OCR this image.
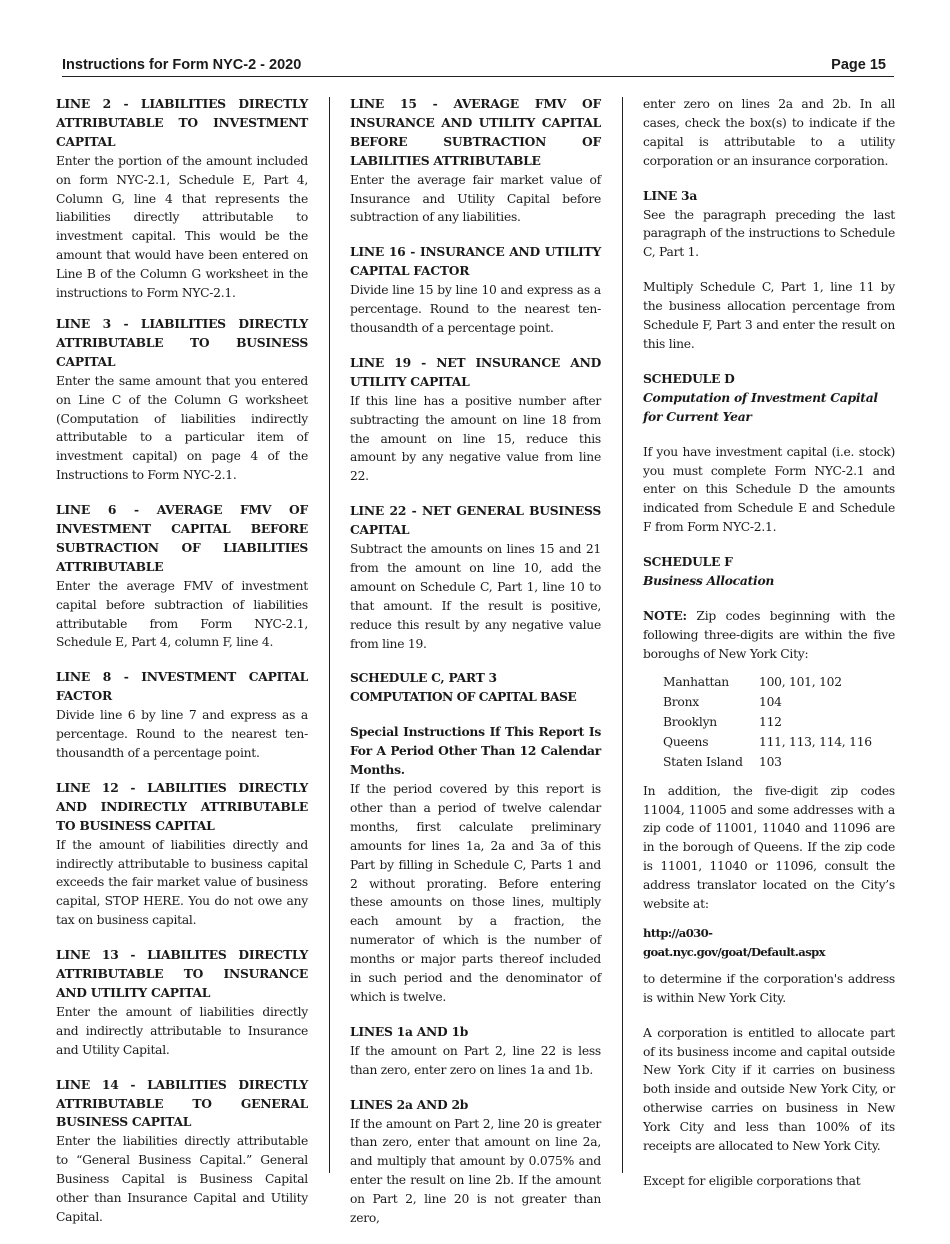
Instructions for Form NYC-2 - 2020	Page 15
LINE 2 - LIABILITIES DIRECTLY ATTRIBUTABLE TO INVESTMENT CAPITAL
Enter the portion of the amount included on form NYC-2.1, Schedule E, Part 4, Column G, line 4 that represents the liabilities directly attributable to investment capital. This would be the amount that would have been entered on Line B of the Column G worksheet in the instructions to Form NYC-2.1.
LINE 3 - LIABILITIES DIRECTLY ATTRIBUTABLE TO BUSINESS CAPITAL
Enter the same amount that you entered on Line C of the Column G worksheet (Computation of liabilities indirectly attributable to a particular item of investment capital) on page 4 of the Instructions to Form NYC-2.1.
LINE 6 - AVERAGE FMV OF INVESTMENT CAPITAL BEFORE SUBTRACTION OF LIABILITIES ATTRIBUTABLE
Enter the average FMV of investment capital before subtraction of liabilities attributable from Form NYC-2.1, Schedule E, Part 4, column F, line 4.
LINE 8 - INVESTMENT CAPITAL FACTOR
Divide line 6 by line 7 and express as a percentage. Round to the nearest ten-thousandth of a percentage point.
LINE 12 - LABILITIES DIRECTLY AND INDIRECTLY ATTRIBUTABLE TO BUSINESS CAPITAL
If the amount of liabilities directly and indirectly attributable to business capital exceeds the fair market value of business capital, STOP HERE. You do not owe any tax on business capital.
LINE 13 - LIABILITES DIRECTLY ATTRIBUTABLE TO INSURANCE AND UTILITY CAPITAL
Enter the amount of liabilities directly and indirectly attributable to Insurance and Utility Capital.
LINE 14 - LABILITIES DIRECTLY ATTRIBUTABLE TO GENERAL BUSINESS CAPITAL
Enter the liabilities directly attributable to “General Business Capital.” General Business Capital is Business Capital other than Insurance Capital and Utility Capital.
LINE 15 - AVERAGE FMV OF INSURANCE AND UTILITY CAPITAL BEFORE SUBTRACTION OF LABILITIES ATTRIBUTABLE
Enter the average fair market value of Insurance and Utility Capital before subtraction of any liabilities.
LINE 16 - INSURANCE AND UTILITY CAPITAL FACTOR
Divide line 15 by line 10 and express as a percentage. Round to the nearest ten-thousandth of a percentage point.
LINE 19 - NET INSURANCE AND UTILITY CAPITAL
If this line has a positive number after subtracting the amount on line 18 from the amount on line 15, reduce this amount by any negative value from line 22.
LINE 22 - NET GENERAL BUSINESS CAPITAL
Subtract the amounts on lines 15 and 21 from the amount on line 10, add the amount on Schedule C, Part 1, line 10 to that amount. If the result is positive, reduce this result by any negative value from line 19.
SCHEDULE C, PART 3
COMPUTATION OF CAPITAL BASE
Special Instructions If This Report Is For A Period Other Than 12 Calendar Months.
If the period covered by this report is other than a period of twelve calendar months, first calculate preliminary amounts for lines 1a, 2a and 3a of this Part by filling in Schedule C, Parts 1 and 2 without prorating. Before entering these amounts on those lines, multiply each amount by a fraction, the numerator of which is the number of months or major parts thereof included in such period and the denominator of which is twelve.
LINES 1a AND 1b
If the amount on Part 2, line 22 is less than zero, enter zero on lines 1a and 1b.
LINES 2a AND 2b
If the amount on Part 2, line 20 is greater than zero, enter that amount on line 2a, and multiply that amount by 0.075% and enter the result on line 2b. If the amount on Part 2, line 20 is not greater than zero,
enter zero on lines 2a and 2b. In all cases, check the box(s) to indicate if the capital is attributable to a utility corporation or an insurance corporation.
LINE 3a
See the paragraph preceding the last paragraph of the instructions to Schedule C, Part 1.
Multiply Schedule C, Part 1, line 11 by the business allocation percentage from Schedule F, Part 3 and enter the result on this line.
SCHEDULE D
Computation of Investment Capital for Current Year
If you have investment capital (i.e. stock) you must complete Form NYC-2.1 and enter on this Schedule D the amounts indicated from Schedule E and Schedule F from Form NYC-2.1.
SCHEDULE F
Business Allocation
NOTE: Zip codes beginning with the following three-digits are within the five boroughs of New York City:
Manhattan	100, 101, 102
Bronx	104
Brooklyn	112
Queens	111, 113, 114, 116
Staten Island	103
In addition, the five-digit zip codes 11004, 11005 and some addresses with a zip code of 11001, 11040 and 11096 are in the borough of Queens. If the zip code is 11001, 11040 or 11096, consult the address translator located on the City’s website at:
http://a030- goat.nyc.gov/goat/Default.aspx
to determine if the corporation's address is within New York City.
A corporation is entitled to allocate part of its business income and capital outside New York City if it carries on business both inside and outside New York City, or otherwise carries on business in New York City and less than 100% of its receipts are allocated to New York City.
Except for eligible corporations that
